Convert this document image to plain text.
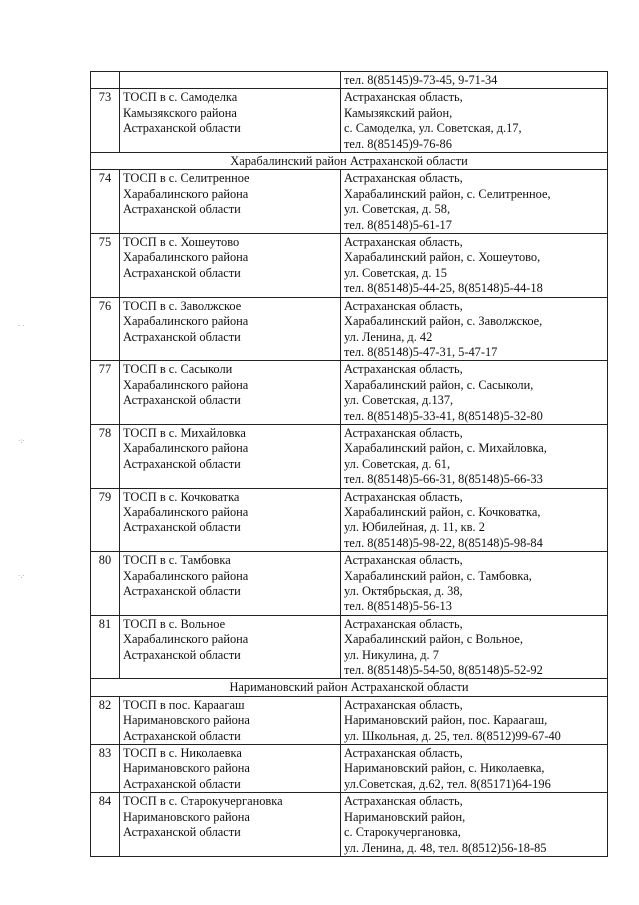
· ·
·:·
·.·

		тел. 8(85145)9-73-45, 9-71-34

73	ТОСП в с. Самоделка
Камызякского района
Астраханской области	Астраханская область,
Камызякский район,
с. Самоделка, ул. Советская, д.17,
тел. 8(85145)9-76-86

Харабалинский район Астраханской области		
74	ТОСП в с. Селитренное
Харабалинского района
Астраханской области	Астраханская область,
Харабалинский район, с. Селитренное,
ул. Советская, д. 58,
тел. 8(85148)5-61-17

75	ТОСП в с. Хошеутово
Харабалинского района
Астраханской области	Астраханская область,
Харабалинский район, с. Хошеутово,
ул. Советская, д. 15
тел. 8(85148)5-44-25, 8(85148)5-44-18

76	ТОСП в с. Заволжское
Харабалинского района
Астраханской области	Астраханская область,
Харабалинский район, с. Заволжское,
ул. Ленина, д. 42
тел. 8(85148)5-47-31, 5-47-17

77	ТОСП в с. Сасыколи
Харабалинского района
Астраханской области	Астраханская область,
Харабалинский район, с. Сасыколи,
ул. Советская, д.137,
тел. 8(85148)5-33-41, 8(85148)5-32-80

78	ТОСП в с. Михайловка
Харабалинского района
Астраханской области	Астраханская область,
Харабалинский район, с. Михайловка,
ул. Советская, д. 61,
тел. 8(85148)5-66-31, 8(85148)5-66-33

79	ТОСП в с. Кочковатка
Харабалинского района
Астраханской области	Астраханская область,
Харабалинский район, с. Кочковатка,
ул. Юбилейная, д. 11, кв. 2
тел. 8(85148)5-98-22, 8(85148)5-98-84

80	ТОСП в с. Тамбовка
Харабалинского района
Астраханской области	Астраханская область,
Харабалинский район, с. Тамбовка,
ул. Октябрьская, д. 38,
тел. 8(85148)5-56-13

81	ТОСП в с. Вольное
Харабалинского района
Астраханской области	Астраханская область,
Харабалинский район, с Вольное,
ул. Никулина, д. 7
тел. 8(85148)5-54-50, 8(85148)5-52-92

Наримановский район Астраханской области		
82	ТОСП в пос. Караагаш
Наримановского района
Астраханской области	Астраханская область,
Наримановский район, пос. Караагаш,
ул. Школьная, д. 25, тел. 8(8512)99-67-40

83	ТОСП в с. Николаевка
Наримановского района
Астраханской области	Астраханская область,
Наримановский район, с. Николаевка,
ул.Советская, д.62, тел. 8(85171)64-196

84	ТОСП в с. Старокучергановка
Наримановского района
Астраханской области	Астраханская область,
Наримановский район,
с. Старокучергановка,
ул. Ленина, д. 48, тел. 8(8512)56-18-85
